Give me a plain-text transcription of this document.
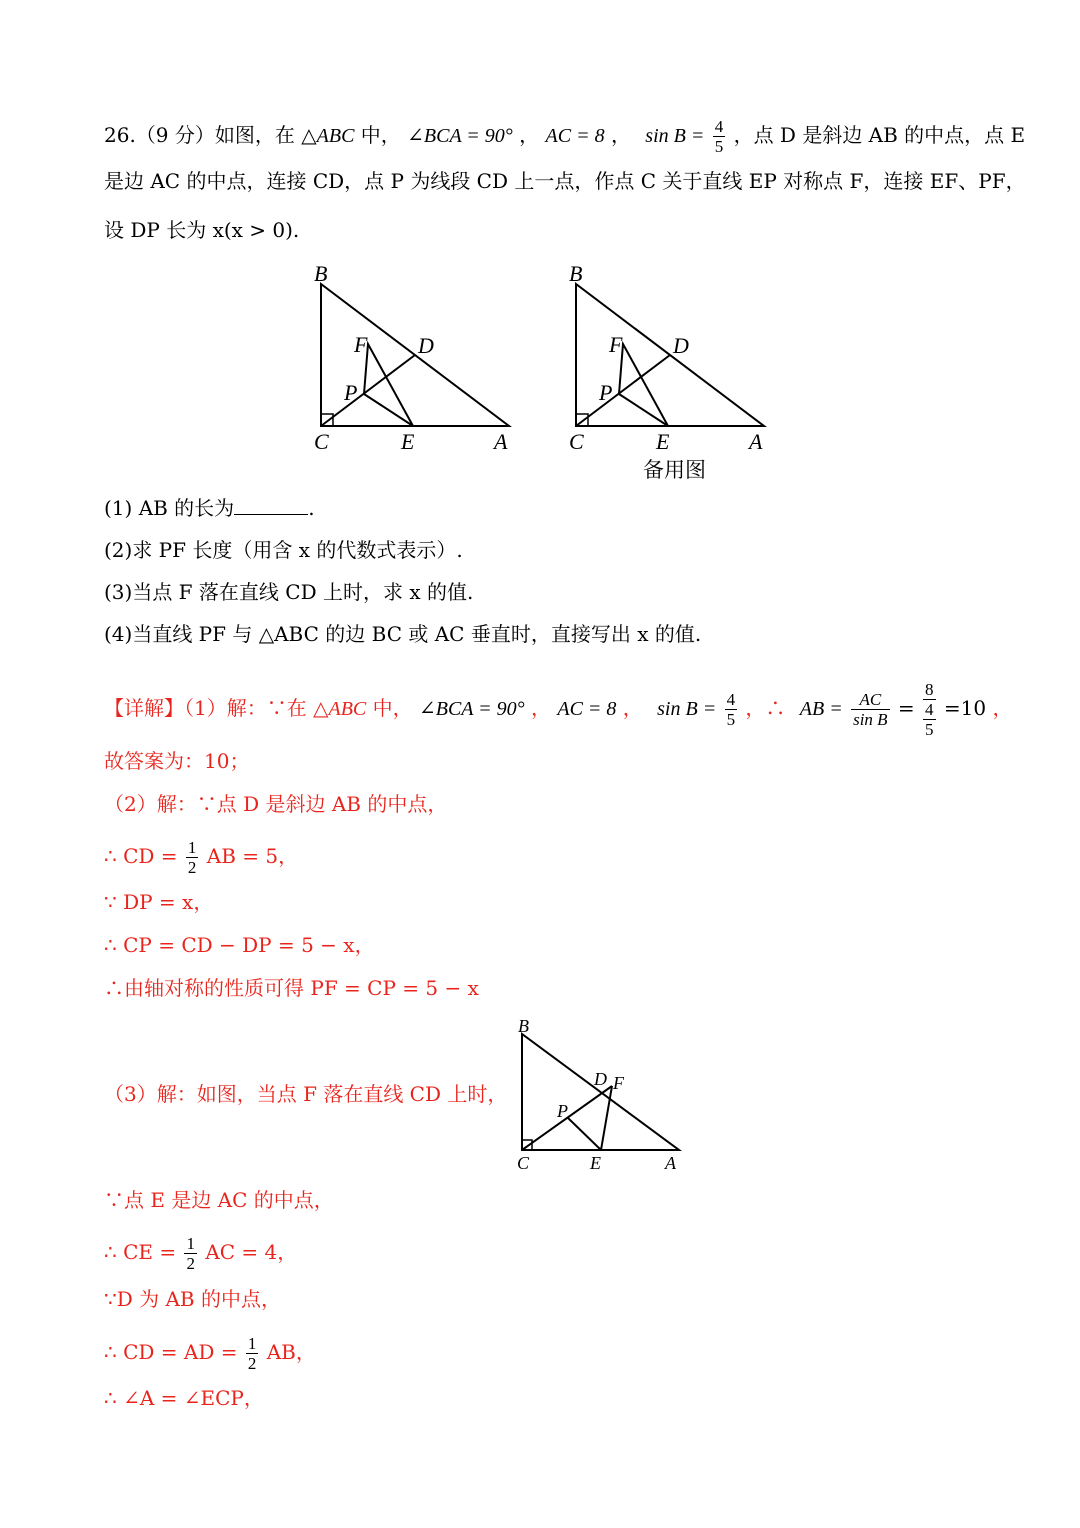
26.（9 分）如图，在 △ABC 中， ∠BCA = 90° ， AC = 8 ， $\sin B = \frac{4}{5}$ ，点 D 是斜边 AB 的中点，点 E
是边 AC 的中点，连接 CD，点 P 为线段 CD 上一点，作点 C 关于直线 EP 对称点 F，连接 EF、PF，
设 DP 长为 x(x > 0).
B
C	A
D
E
F
P
B
C	A
D
E
F
P
备用图
(1) AB 的长为	.
(2)求 PF 长度（用含 x 的代数式表示）.
(3)当点 F 落在直线 CD 上时，求 x 的值.
(4)当直线 PF 与 △ABC 的边 BC 或 AC 垂直时，直接写出 x 的值.
【详解】（1）解：∵在 △ABC 中， ∠BCA = 90° ， AC = 8 ， $\sin B = \frac{4}{5}$ ，∴ AB = $\frac{AC}{\text{sin B}}$ =
8
4
5
=10 ，
故答案为：10；
（2）解：∵点 D 是斜边 AB 的中点，
∴ CD = $\frac{1}{2}$ AB = 5，
∵ DP = x，
∴ CP = CD − DP = 5 − x，
∴由轴对称的性质可得 PF = CP = 5 − x
B
C	A
D F
E
P
（3）解：如图，当点 F 落在直线 CD 上时，
∵点 E 是边 AC 的中点，
∴ CE = $\frac{1}{2}$ AC = 4，
∵D 为 AB 的中点，
∴ CD = AD = $\frac{1}{2}$ AB，
∴ ∠A = ∠ECP，
